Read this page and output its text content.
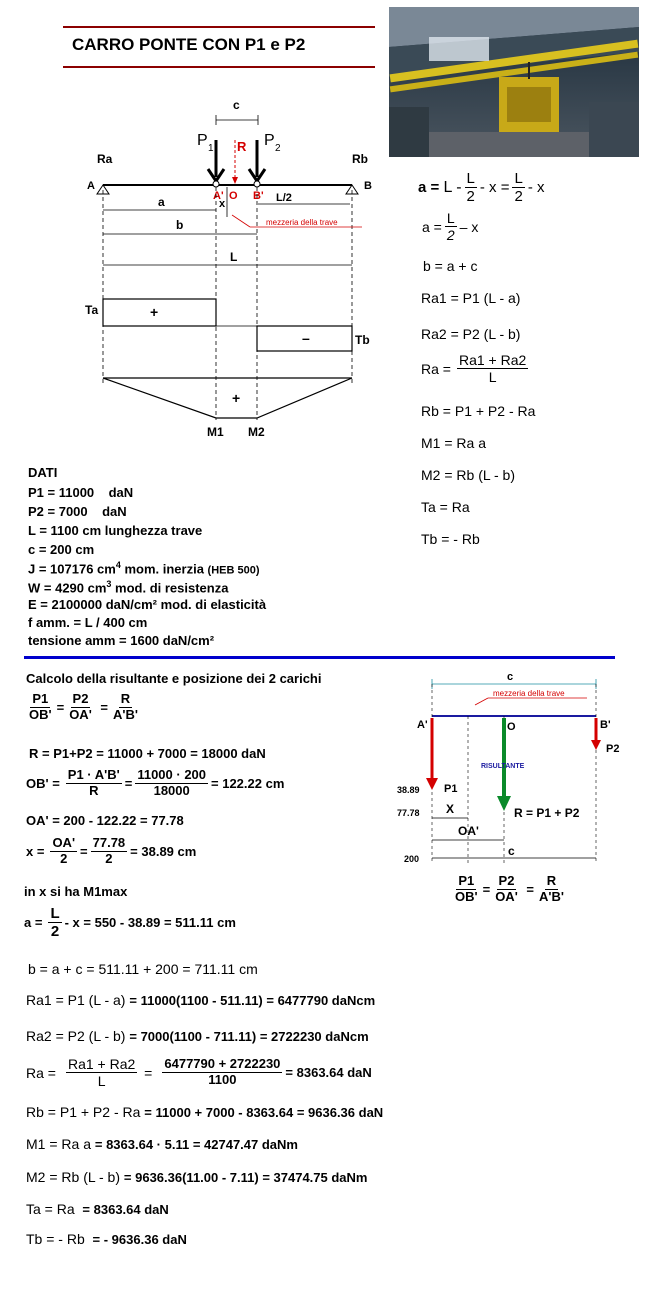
CARRO PONTE CON P1 e P2
c
P 1 R P 2
Ra	Rb
A	B
A' O B'
x	L/2
a
b
L
mezzeria della trave
Ta
Tb
+
–
+
M1 M2
a =
$L - \frac{L}{2} - x = \frac{L}{2} - x$
$a = \frac{L}{2} - x$
b = a + c
Ra1 = P1 (L - a)
Ra2 = P2 (L - b)
$Ra = \frac{Ra1 + Ra2}{L}$
Rb = P1 + P2 - Ra
M1 = Ra a
M2 = Rb (L - b)
Ta = Ra
Tb = - Rb
DATI
P1 = 11000 daN
P2 = 7000 daN
L = 1100 cm lunghezza trave
c = 200 cm
J = 107176 $cm^4$ mom. inerzia (HEB 500)
W = 4290 $cm^3$ mod. di resistenza
E = 2100000 daN/cm² mod. di elasticità
f amm. = L / 400 cm
tensione amm = 1600 daN/cm²
Calcolo della risultante e posizione dei 2 carichi
$\frac{P1}{OB'} = \frac{P2}{OA'} = \frac{R}{A'B'}$
R = P1+P2 = 11000 + 7000 = 18000 daN
$OB' = \frac{P1 \cdot A'B'}{R} = \frac{11000 \cdot 200}{18000} = 122.22$ cm
OA' = 200 - 122.22 = 77.78
$x = \frac{OA'}{2} = \frac{77.78}{2} = 38.89$ cm
in x si ha M1max
$a = \frac{L}{2} - x = 550 - 38.89 = 511.11$ cm
b = a + c = 511.11 + 200 = 711.11 cm
Ra1 = P1 (L - a) = 11000(1100 - 511.11) = 6477790 daNcm
Ra2 = P2 (L - b) = 7000(1100 - 711.11) = 2722230 daNcm
$Ra = \frac{Ra1 + Ra2}{L} = \frac{6477790 + 2722230}{1100} = 8363.64$ daN
Rb = P1 + P2 - Ra = 11000 + 7000 - 8363.64 = 9636.36 daN
M1 = Ra a = 8363.64 · 5.11 = 42747.47 daNm
M2 = Rb (L - b) = 9636.36(11.00 - 7.11) = 37474.75 daNm
Ta = Ra = 8363.64 daN
Tb = - Rb = - 9636.36 daN
c
mezzeria della trave
A'	O	B'
P1
P2
RISULTANTE
R = P1 + P2
38.89
77.78
200
X
OA'
c
$\frac{P1}{OB'} = \frac{P2}{OA'} = \frac{R}{A'B'}$
